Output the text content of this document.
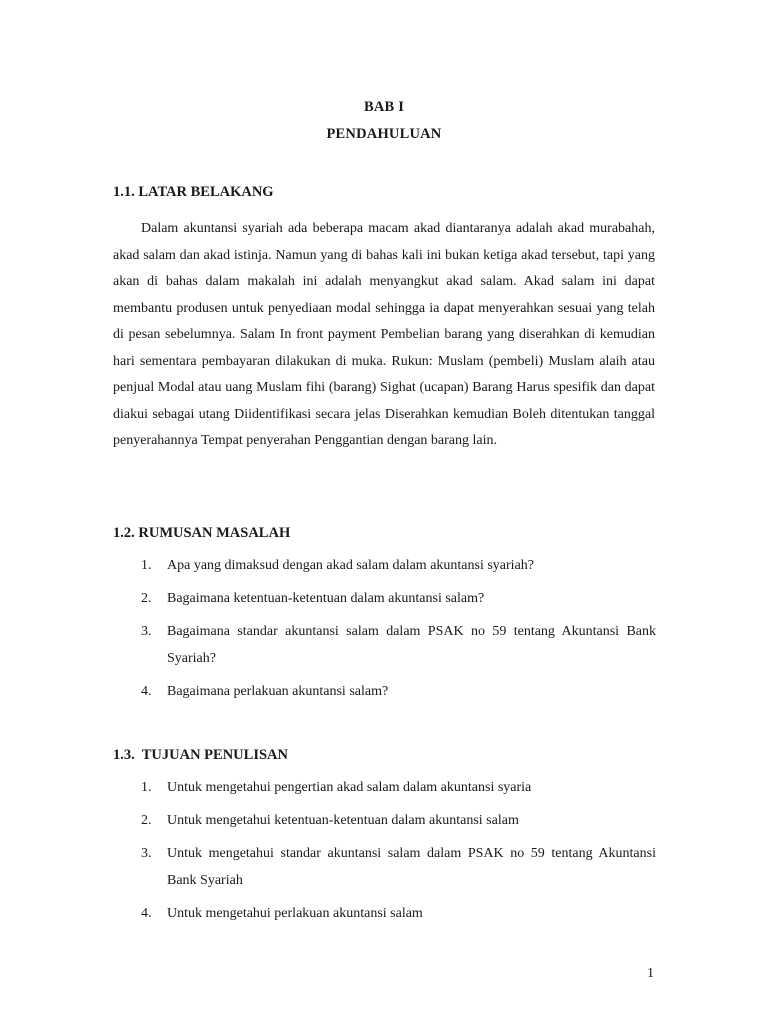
BAB I
PENDAHULUAN
1.1. LATAR BELAKANG

Dalam akuntansi syariah ada beberapa macam akad diantaranya adalah akad murabahah, akad salam dan akad istinja. Namun yang di bahas kali ini bukan ketiga akad tersebut, tapi yang akan di bahas dalam makalah ini adalah menyangkut akad salam. Akad salam ini dapat membantu produsen untuk penyediaan modal sehingga ia dapat menyerahkan sesuai yang telah di pesan sebelumnya. Salam In front payment Pembelian barang yang diserahkan di kemudian hari sementara pembayaran dilakukan di muka. Rukun: Muslam (pembeli) Muslam alaih atau penjual Modal atau uang Muslam fihi (barang) Sighat (ucapan) Barang Harus spesifik dan dapat diakui sebagai utang Diidentifikasi secara jelas Diserahkan kemudian Boleh ditentukan tanggal penyerahannya Tempat penyerahan Penggantian dengan barang lain.

1.2. RUMUSAN MASALAH
1. Apa yang dimaksud dengan akad salam dalam akuntansi syariah?
2. Bagaimana ketentuan-ketentuan dalam akuntansi salam?
3. Bagaimana standar akuntansi salam dalam PSAK no 59 tentang Akuntansi Bank Syariah?
4. Bagaimana perlakuan akuntansi salam?
1.3.  TUJUAN PENULISAN
1. Untuk mengetahui pengertian akad salam dalam akuntansi syaria
2. Untuk mengetahui ketentuan-ketentuan dalam akuntansi salam
3. Untuk mengetahui standar akuntansi salam dalam PSAK no 59 tentang Akuntansi Bank Syariah
4. Untuk mengetahui perlakuan akuntansi salam
1
